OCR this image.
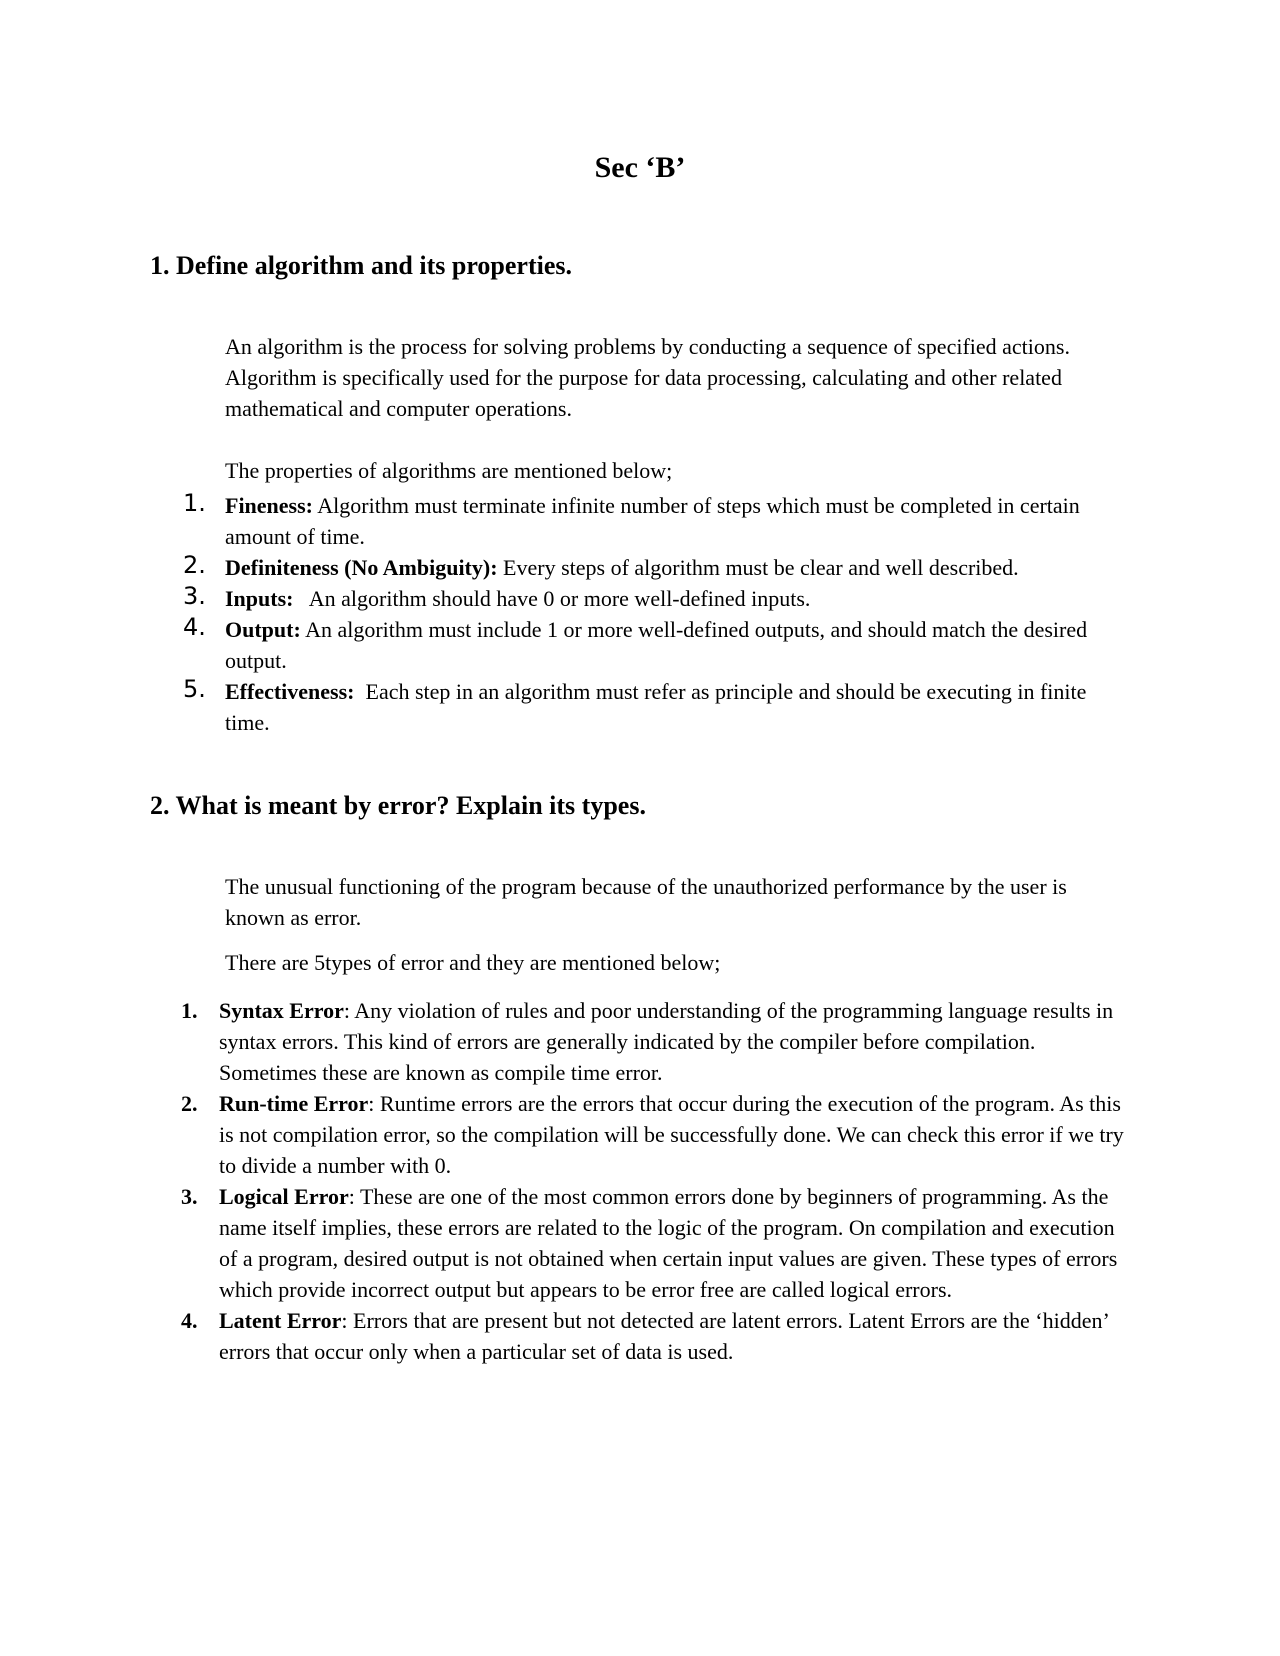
Sec ‘B’
1. Define algorithm and its properties.
An algorithm is the process for solving problems by conducting a sequence of specified actions. Algorithm is specifically used for the purpose for data processing, calculating and other related mathematical and computer operations.
The properties of algorithms are mentioned below;
1. Fineness: Algorithm must terminate infinite number of steps which must be completed in certain amount of time.
2. Definiteness (No Ambiguity): Every steps of algorithm must be clear and well described.
3. Inputs:   An algorithm should have 0 or more well-defined inputs.
4. Output: An algorithm must include 1 or more well-defined outputs, and should match the desired output.
5. Effectiveness:  Each step in an algorithm must refer as principle and should be executing in finite time.
2. What is meant by error? Explain its types.
The unusual functioning of the program because of the unauthorized performance by the user is known as error.
There are 5types of error and they are mentioned below;
1. Syntax Error: Any violation of rules and poor understanding of the programming language results in syntax errors. This kind of errors are generally indicated by the compiler before compilation. Sometimes these are known as compile time error.
2. Run-time Error: Runtime errors are the errors that occur during the execution of the program. As this is not compilation error, so the compilation will be successfully done. We can check this error if we try to divide a number with 0.
3. Logical Error: These are one of the most common errors done by beginners of programming. As the name itself implies, these errors are related to the logic of the program. On compilation and execution of a program, desired output is not obtained when certain input values are given. These types of errors which provide incorrect output but appears to be error free are called logical errors.
4. Latent Error: Errors that are present but not detected are latent errors. Latent Errors are the ‘hidden’ errors that occur only when a particular set of data is used.
